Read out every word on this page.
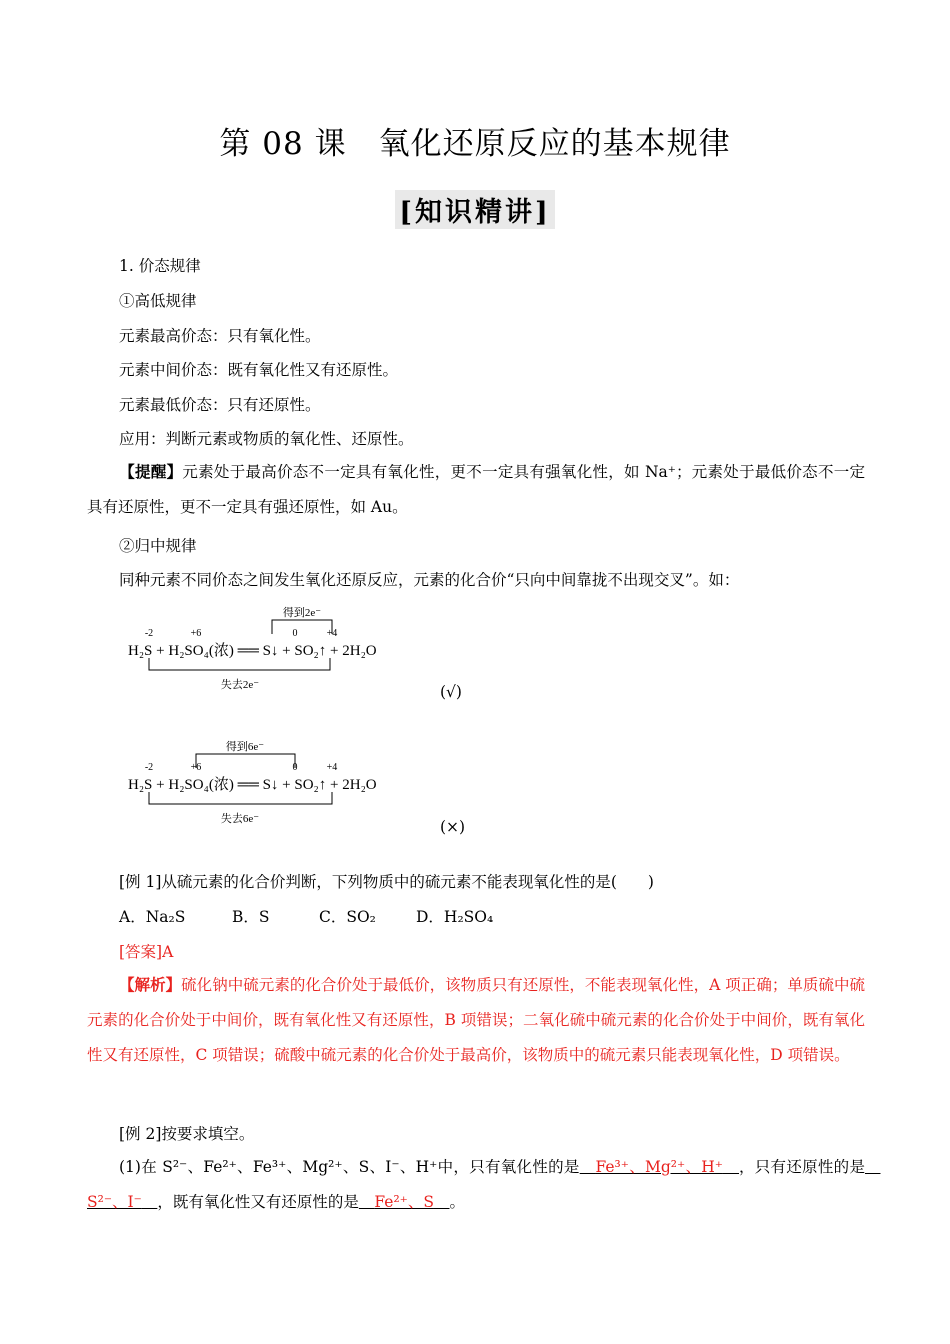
第 08 课　氧化还原反应的基本规律
[知识精讲]
1. 价态规律
①高低规律
元素最高价态：只有氧化性。
元素中间价态：既有氧化性又有还原性。
元素最低价态：只有还原性。
应用：判断元素或物质的氧化性、还原性。
【提醒】元素处于最高价态不一定具有氧化性，更不一定具有强氧化性，如 Na⁺；元素处于最低价态不一定具有还原性，更不一定具有强还原性，如 Au。
②归中规律
同种元素不同价态之间发生氧化还原反应，元素的化合价“只向中间靠拢不出现交叉”。如：
得到2e⁻
失去2e⁻
-2	+6	0	+4
H₂S + H₂SO₄(浓) ══ S↓ + SO₂↑ + 2H₂O
(√)
得到6e⁻
失去6e⁻
-2	+6	0	+4
H₂S + H₂SO₄(浓) ══ S↓ + SO₂↑ + 2H₂O
(×)
[例 1]从硫元素的化合价判断，下列物质中的硫元素不能表现氧化性的是(　　)
A．Na₂S	B．S	C．SO₂	D．H₂SO₄
[答案]A
【解析】硫化钠中硫元素的化合价处于最低价，该物质只有还原性，不能表现氧化性，A 项正确；单质硫中硫元素的化合价处于中间价，既有氧化性又有还原性，B 项错误；二氧化硫中硫元素的化合价处于中间价，既有氧化性又有还原性，C 项错误；硫酸中硫元素的化合价处于最高价，该物质中的硫元素只能表现氧化性，D 项错误。
[例 2]按要求填空。
(1)在 S²⁻、Fe²⁺、Fe³⁺、Mg²⁺、S、I⁻、H⁺中，只有氧化性的是　 Fe³⁺、Mg²⁺、H⁺　 ，只有还原性的是　S²⁻、I⁻　 ，既有氧化性又有还原性的是　 Fe²⁺、S　 。
